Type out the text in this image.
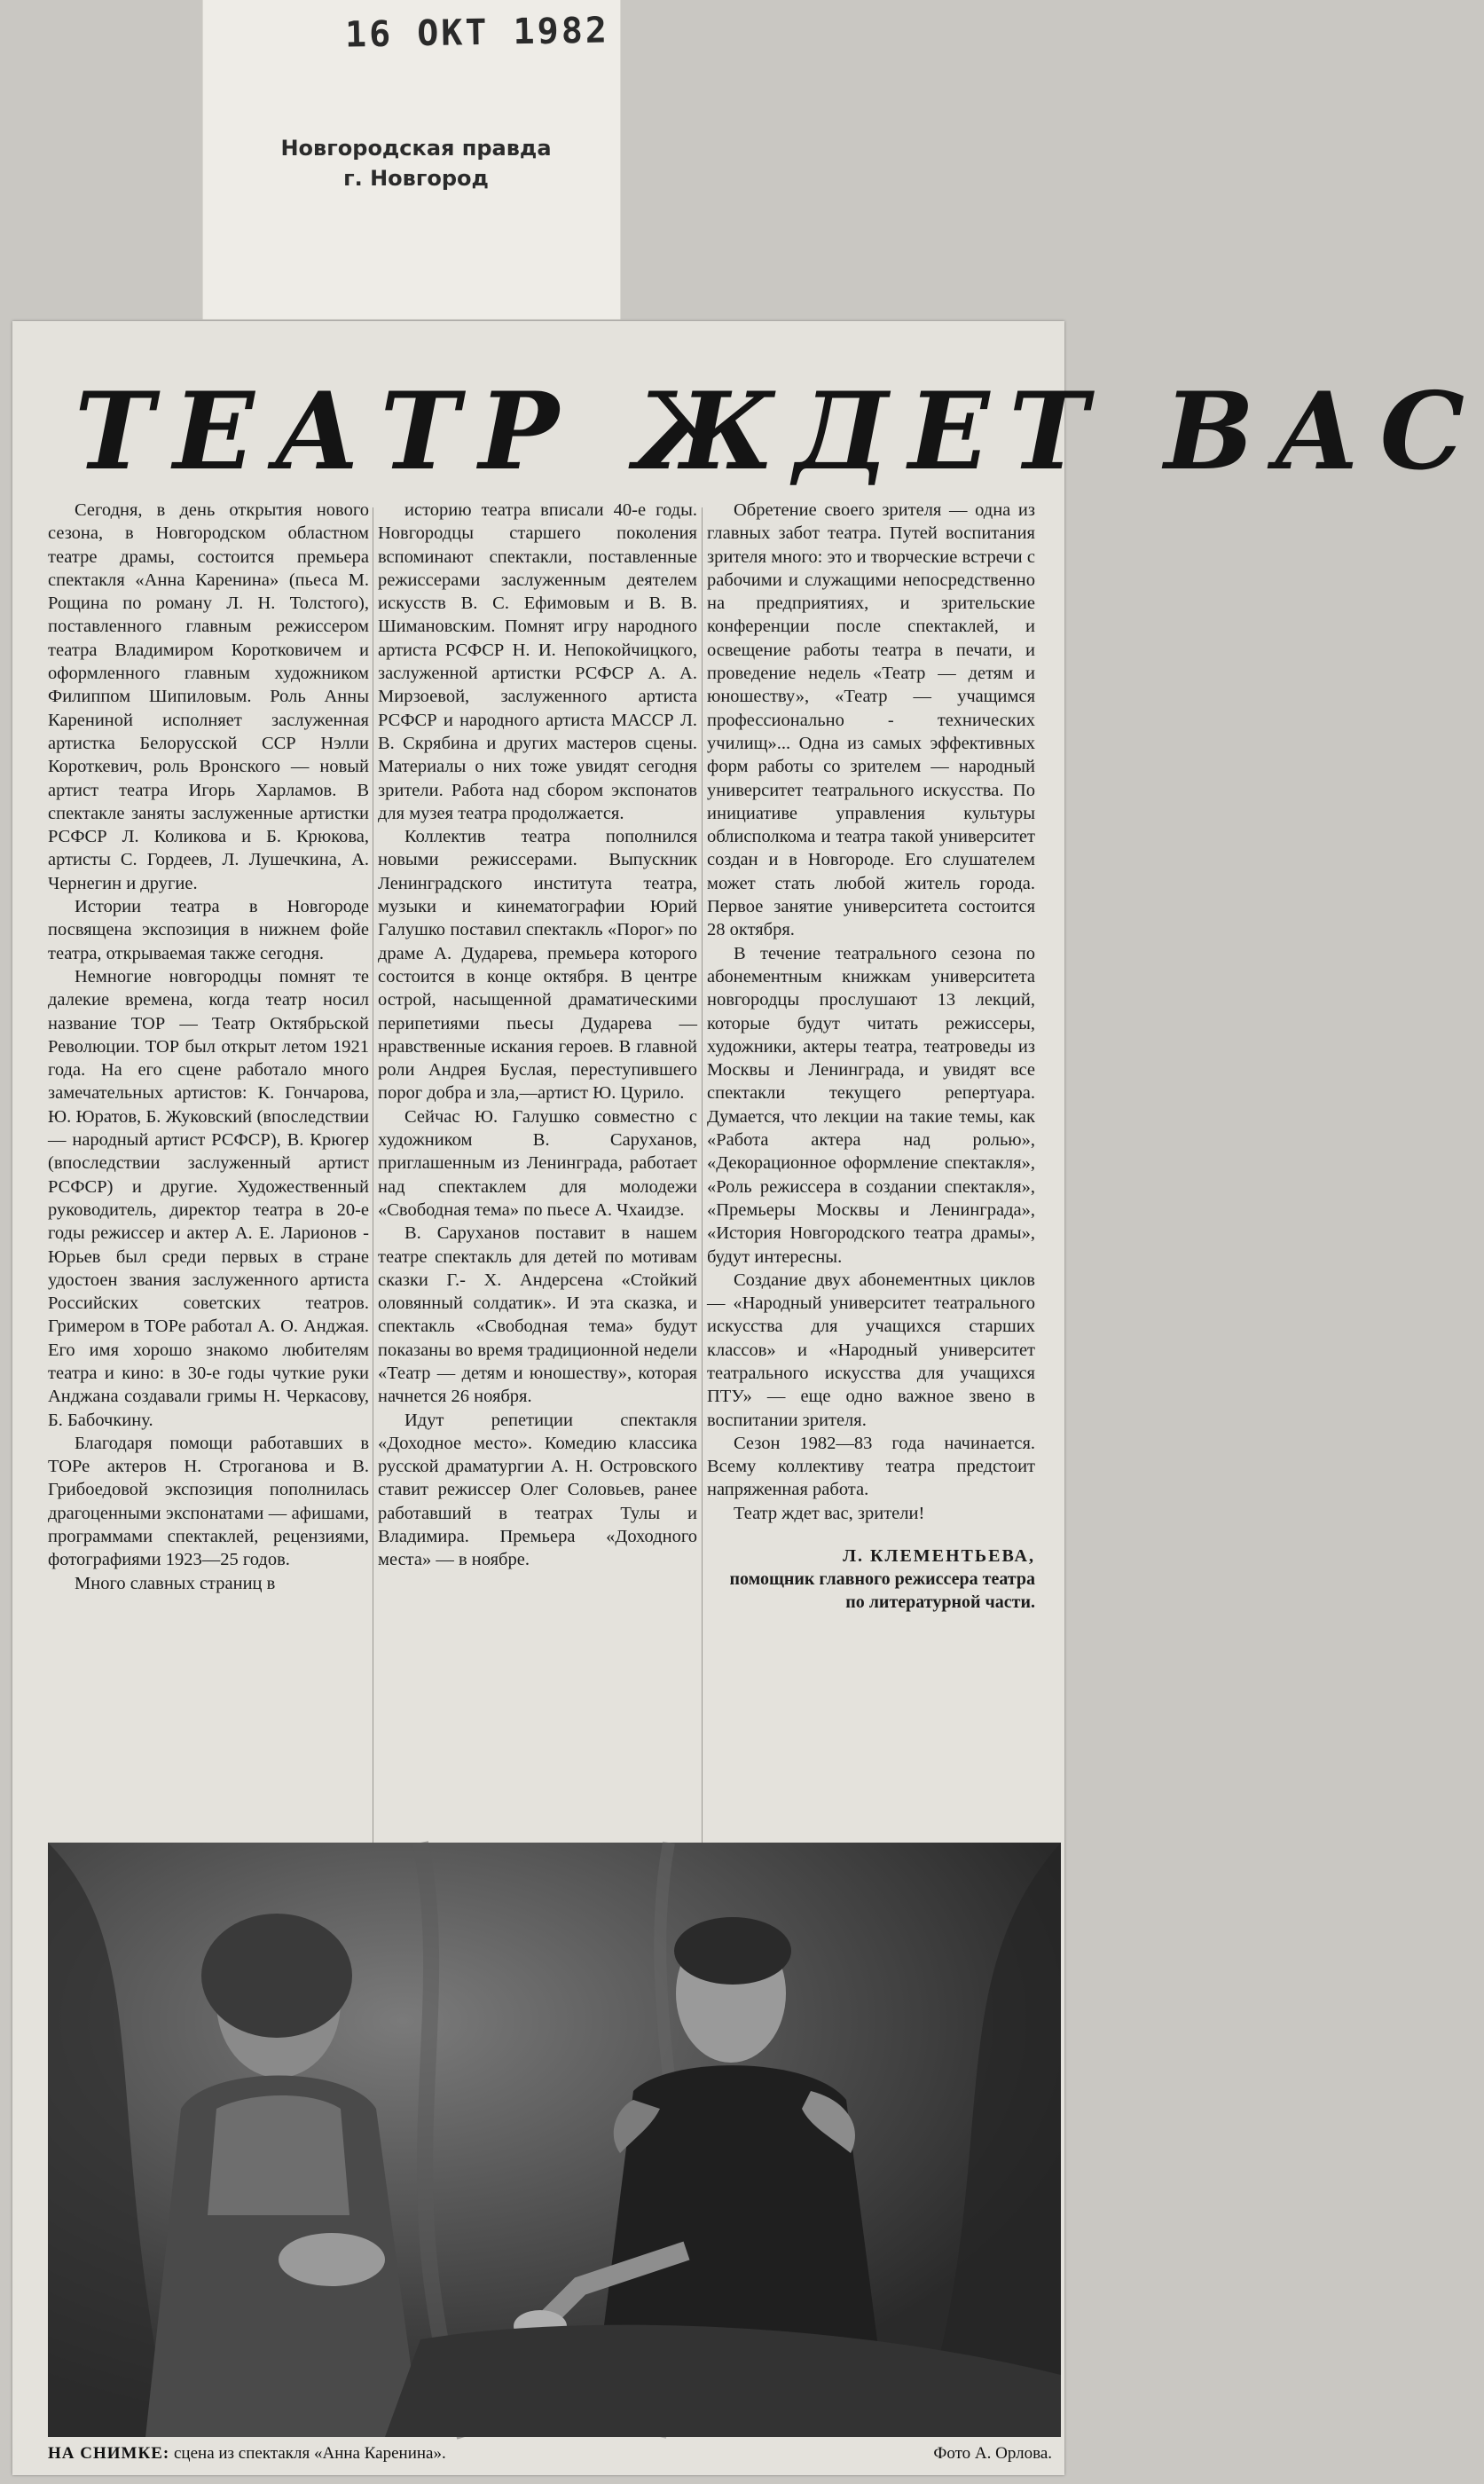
16 ОКТ 1982
Новгородская правда
г. Новгород
ТЕАТР ЖДЕТ ВАС

Сегодня, в день открытия нового сезона, в Новгородском областном театре драмы, состоится премьера спектакля «Анна Каренина» (пьеса М. Рощина по роману Л. Н. Толстого), поставленного главным режиссером театра Владимиром Коротковичем и оформленного главным художником Филиппом Шипиловым. Роль Анны Карениной исполняет заслуженная артистка Белорусской ССР Нэлли Короткевич, роль Вронского — новый артист театра Игорь Харламов. В спектакле заняты заслуженные артистки РСФСР Л. Коликова и Б. Крюкова, артисты С. Гордеев, Л. Лушечкина, А. Чернегин и другие.

Истории театра в Новгороде посвящена экспозиция в нижнем фойе театра, открываемая также сегодня.

Немногие новгородцы помнят те далекие времена, когда театр носил название ТОР — Театр Октябрьской Революции. ТОР был открыт летом 1921 года. На его сцене работало много замечательных артистов: К. Гончарова, Ю. Юратов, Б. Жуковский (впоследствии — народный артист РСФСР), В. Крюгер (впоследствии заслуженный артист РСФСР) и другие. Художественный руководитель, директор театра в 20-е годы режиссер и актер А. Е. Ларионов - Юрьев был среди первых в стране удостоен звания заслуженного артиста Российских советских театров. Гримером в ТОРе работал А. О. Анджая. Его имя хорошо знакомо любителям театра и кино: в 30-е годы чуткие руки Анджана создавали гримы Н. Черкасову, Б. Бабочкину.

Благодаря помощи работавших в ТОРе актеров Н. Строганова и В. Грибоедовой экспозиция пополнилась драгоценными экспонатами — афишами, программами спектаклей, рецензиями, фотографиями 1923—25 годов.

Много славных страниц в

историю театра вписали 40-е годы. Новгородцы старшего поколения вспоминают спектакли, поставленные режиссерами заслуженным деятелем искусств В. С. Ефимовым и В. В. Шимановским. Помнят игру народного артиста РСФСР Н. И. Непокойчицкого, заслуженной артистки РСФСР А. А. Мирзоевой, заслуженного артиста РСФСР и народного артиста МАССР Л. В. Скрябина и других мастеров сцены. Материалы о них тоже увидят сегодня зрители. Работа над сбором экспонатов для музея театра продолжается.

Коллектив театра пополнился новыми режиссерами. Выпускник Ленинградского института театра, музыки и кинематографии Юрий Галушко поставил спектакль «Порог» по драме А. Дударева, премьера которого состоится в конце октября. В центре острой, насыщенной драматическими перипетиями пьесы Дударева — нравственные искания героев. В главной роли Андрея Буслая, переступившего порог добра и зла,—артист Ю. Цурило.

Сейчас Ю. Галушко совместно с художником В. Саруханов, приглашенным из Ленинграда, работает над спектаклем для молодежи «Свободная тема» по пьесе А. Чхаидзе.

В. Саруханов поставит в нашем театре спектакль для детей по мотивам сказки Г.- Х. Андерсена «Стойкий оловянный солдатик». И эта сказка, и спектакль «Свободная тема» будут показаны во время традиционной недели «Театр — детям и юношеству», которая начнется 26 ноября.

Идут репетиции спектакля «Доходное место». Комедию классика русской драматургии А. Н. Островского ставит режиссер Олег Соловьев, ранее работавший в театрах Тулы и Владимира. Премьера «Доходного места» — в ноябре.

Обретение своего зрителя — одна из главных забот театра. Путей воспитания зрителя много: это и творческие встречи с рабочими и служащими непосредственно на предприятиях, и зрительские конференции после спектаклей, и освещение работы театра в печати, и проведение недель «Театр — детям и юношеству», «Театр — учащимся профессионально - технических училищ»... Одна из самых эффективных форм работы со зрителем — народный университет театрального искусства. По инициативе управления культуры облисполкома и театра такой университет создан и в Новгороде. Его слушателем может стать любой житель города. Первое занятие университета состоится 28 октября.

В течение театрального сезона по абонементным книжкам университета новгородцы прослушают 13 лекций, которые будут читать режиссеры, художники, актеры театра, театроведы из Москвы и Ленинграда, и увидят все спектакли текущего репертуара. Думается, что лекции на такие темы, как «Работа актера над ролью», «Декорационное оформление спектакля», «Роль режиссера в создании спектакля», «Премьеры Москвы и Ленинграда», «История Новгородского театра драмы», будут интересны.

Создание двух абонементных циклов — «Народный университет театрального искусства для учащихся старших классов» и «Народный университет театрального искусства для учащихся ПТУ» — еще одно важное звено в воспитании зрителя.

Сезон 1982—83 года начинается. Всему коллективу театра предстоит напряженная работа.

Театр ждет вас, зрители!

Л. КЛЕМЕНТЬЕВА,
помощник главного режиссера театра по литературной части.
НА СНИМКЕ: сцена из спектакля «Анна Каренина».	Фото А. Орлова.
